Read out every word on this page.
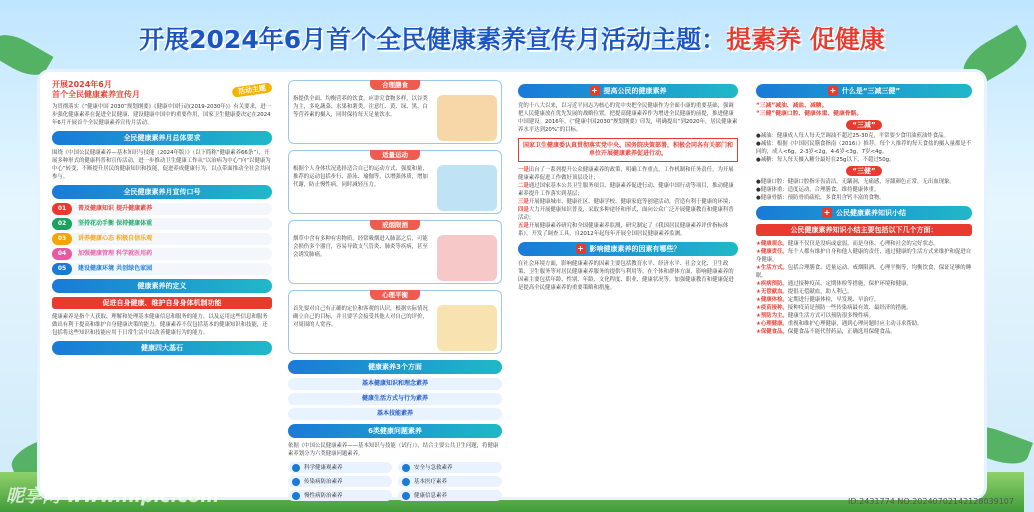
开展2024年6月首个全民健康素养宣传月活动主题：提素养 促健康
开展2024年6月
首个全民健康素养宣传月	活动主题
为贯彻落实《“健康中国 2030”规划纲要》《健康中国行动(2019-2030年)》有关要求，进一步强化健康素养在促进全民健康、建设健康中国中的重要作用，国家卫生健康委决定在2024年6月开展首个全民健康素养宣传月活动。
全民健康素养月总体要求
围绕《中国公民健康素养—基本知识与技能（2024年版）》（以下简称“健康素养66条”），开展多种形式的健康科普和宣传活动，进一步推动卫生健康工作从“以治病为中心”向“以健康为中心”转变，不断提升居民的健康知识和技能，促进养成健康行为，以点带面推动全社会共同参与。
全民健康素养月宣传口号
01	普及健康知识 提升健康素养
02	坚持花动手衡 保持健康体重
03	讲养健康心态 积极自信乐观
04	加强健康管理 科学就医用药
05	建设健康环境 共创绿色家园
健康素养的定义
促进自身健康、维护自身身体机制功能
健康素养是指个人获取、理解和处理基本健康信息和服务的能力，以及运用这些信息和服务做出有利于提高和维护自身健康决策的能力。健康素养不仅包括基本的健康知识和技能，还包括将这些知识和技能应用于日常生活中以改善健康行为的能力。
健康四大基石
合理膳食
指提供全面、均衡营养的饮食，应讲究食物多样，以谷类为主，多吃蔬菜、水果和薯类，注意红、黄、绿、黑、白等营养素的摄入，同时保持每天足量饮水。
适量运动
根据个人身体状况选择适合自己的运动方式、强度和量，推荐的运动包括步行、游泳、瑜伽等，以增强体质，增加代谢，防止慢性病，同时减轻压力。
戒烟限酒
烟草中含有多种有害物质，经常吸烟进入肺部之后，可能会损伤多个器官，容易导致支气管炎、肺炎等疾病，甚至会诱发肺癌。
心理平衡
首先要对自己有正确的定位和客观的认识，根据实际情况确立自己的目标，并且要学会接受其他人对自己的评价，对周围的人宽容。
健康素养3个方面
基本健康知识和理念素养
健康生活方式与行为素养
基本技能素养
6类健康问题素养
依据《中国公民健康素养——基本知识与技能（试行）》，结合主要公共卫生问题，将健康素养划分为六类健康问题素养。
科学健康观素养	安全与急救素养
传染病防治素养	基本医疗素养
慢性病防治素养	健康信息素养
+ 提高公民的健康素养
党的十八大以来，以习近平同志为核心的党中央把全民健康作为全面小康的重要基础，强调把人民健康放在优先发展的战略位置。把提高健康素养作为增进全民健康的前提，推进健康中国建设。2016年，《“健康中国2030”规划纲要》印发，明确提出“到2020年，居民健康素养水平达到20%”的目标。
国家卫生健康委认真贯彻落实党中央、国务院决策部署，积极会同各有关部门和单位开展健康素养促进行动。
一是出台了一系列提升公众健康素养的政策，明确工作重点，工作机制和任务责任，为开展健康素养促进工作做好顶层设计；
二是通过国家基本公共卫生服务项目、健康素养促进行动、健康中国行动等项目，推动健康素养提升工作落实到基层；
三是开展健康城市、健康社区、健康学校、健康家庭等创建活动，营造有利于健康的环境；
四是大力开展健康知识普及，采取多种途径和形式，面向公众广泛开展健康教育和健康科普活动；
五是开展健康素养研究和全国健康素养监测，研究制定了《我国居民健康素养评价指标体系》，开发了调查工具，自2012年起每年开展全国居民健康素养监测。
+ 影响健康素养的因素有哪些？
在社会环境方面，影响健康素养的因素主要包括教育水平、经济水平、社会文化、卫生政策、卫生服务等对居民健康素养服务的提供与利用等。在个体和群体方面，影响健康素养的因素主要包括年龄、性别、年龄、文化程度、职业、健康状况等。加强健康教育和健康促进是提高全民健康素养的重要策略和措施。
+ 什么是“三减三健”
“三减”减油、减盐、减糖。
“三健”健康口腔、健康体重、健康骨骼。
“三减”
●减油：健康成人每人每天烹调油不超过25-30克，平常要少食用油煎油炸食品。
●减盐：根据《中国居民膳食指南（2016）》推荐，每个人推荐的每天食盐的摄入量都是不同的，成人<6g，2-3岁<2g，4-6岁<3g，7岁<4g。
●减糖：每人每天摄入糖分最好在25g以下，不超过50g。
“三健”
●健康口腔：健康口腔指牙齿清洁，无龋洞，无痛感，牙龈颜色正常，无出血现象。
●健康体重：适度运动，合理膳食，维持健康体重。
●健康骨骼：预防骨质疏松，多食用含钙丰富的食物。
+ 公民健康素养知识小结
公民健康素养知识小结主要包括以下几个方面：
★健康观念。健康不仅仅是没病或虚弱，而是身体、心理和社会的完好状态。
★健康责任。每个人都有维护自身和他人健康的责任，通过健康的生活方式来维护和促进自身健康。
★生活方式。包括合理膳食、适量运动、戒烟限酒、心理平衡等，均衡饮食，保证足够的睡眠。
★疾病预防。通过接种疫苗、定期体检等措施，保护环境和健康。
★无偿献血。提倡无偿献血，助人利己。
★健康体检。定期进行健康体检，早发现、早治疗。
★疫苗接种。接种疫苗是预防一些传染病最有效、最经济的措施。
★预防为主。健康生活方式可以预防很多慢性病。
★心理健康。重视和维护心理健康，遇到心理问题时应主动寻求帮助。
★保健食品。保健食品不能代替药品，正确选用保健食品。
昵享网 www.nipic.com	ID:2431774 NO:20240702142128039107
